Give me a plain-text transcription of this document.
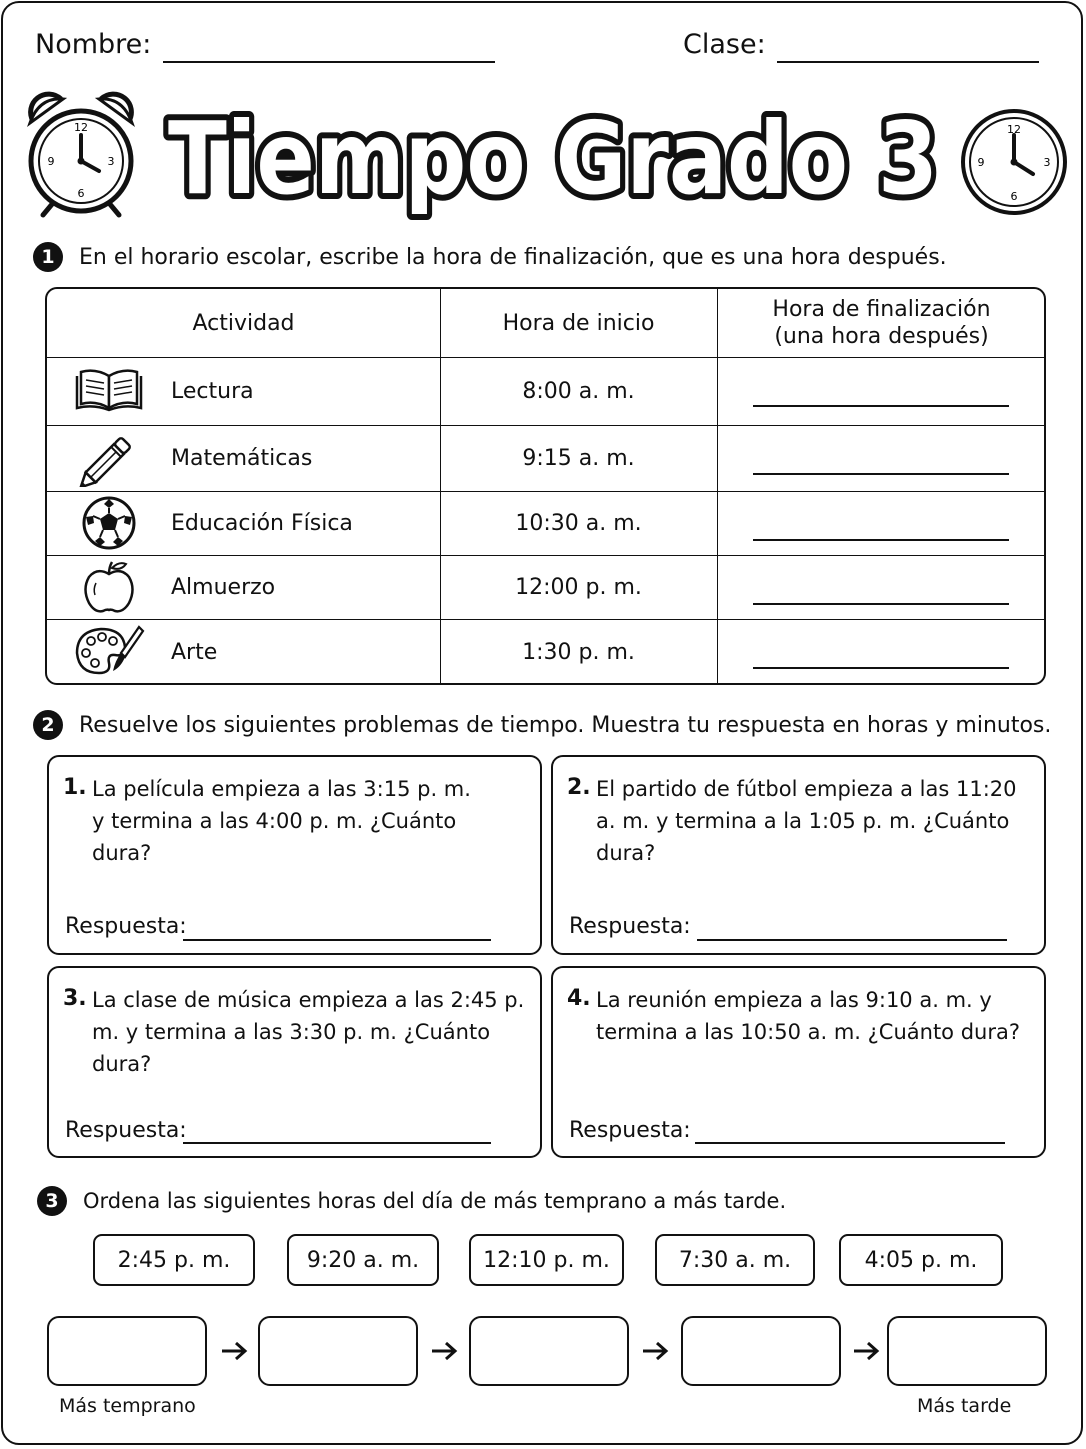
Nombre:	Clase:
12
3
6
9 Tiempo Grado 3	12
3
6
9
1	En el horario escolar, escribe la hora de finalización, que es una hora después.
Actividad	Hora de inicio
Hora de finalización
(una hora después)
Lectura	8:00 a. m.
Matemáticas	9:15 a. m.
Educación Física	10:30 a. m.
Almuerzo	12:00 p. m.
Arte	1:30 p. m.
2	Resuelve los siguientes problemas de tiempo. Muestra tu respuesta en horas y minutos.
1. La película empieza a las 3:15 p. m. y termina a las 4:00 p. m. ¿Cuánto dura?
Respuesta:
2. El partido de fútbol empieza a las 11:20 a. m. y termina a la 1:05 p. m. ¿Cuánto dura?
Respuesta:
3. La clase de música empieza a las 2:45 p. m. y termina a las 3:30 p. m. ¿Cuánto dura?
Respuesta:
4. La reunión empieza a las 9:10 a. m. y termina a las 10:50 a. m. ¿Cuánto dura?
Respuesta:
3	Ordena las siguientes horas del día de más temprano a más tarde.
2:45 p. m.	9:20 a. m.	12:10 p. m.	7:30 a. m.	4:05 p. m.
Más temprano	Más tarde
